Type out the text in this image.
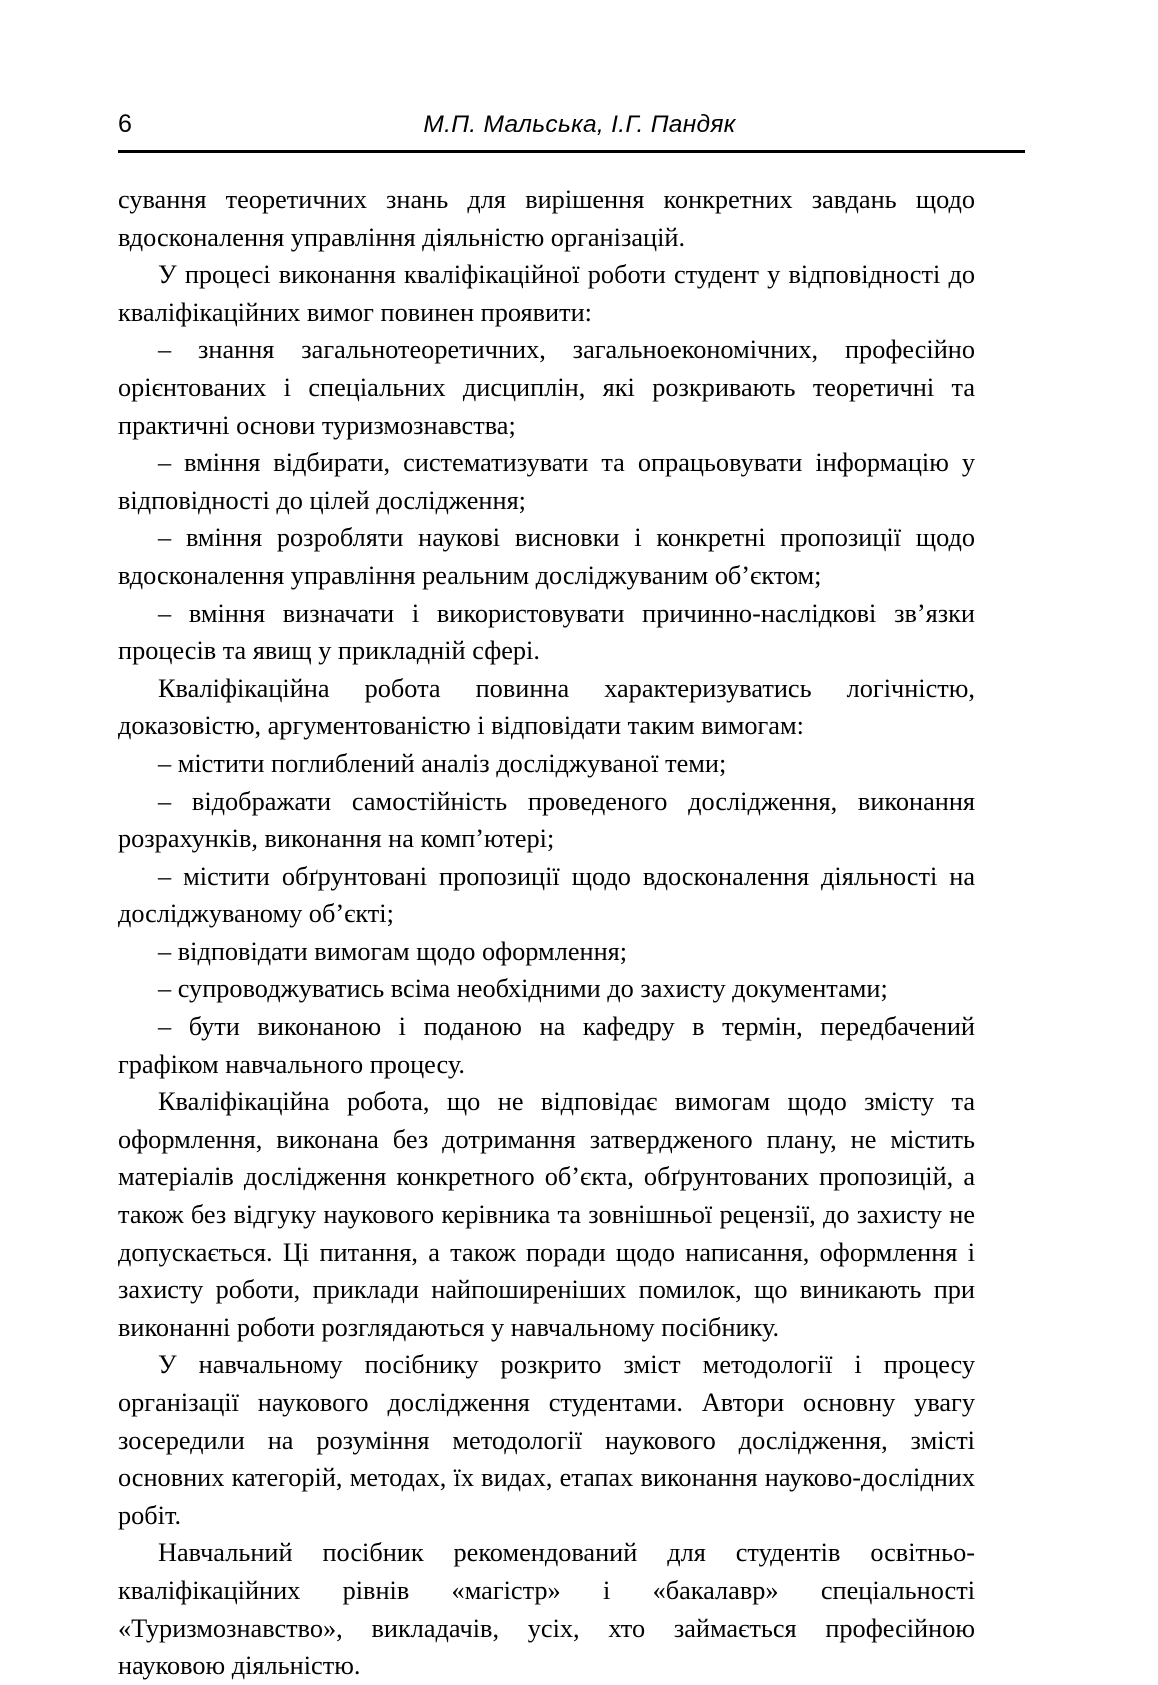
6	М.П. Мальська, І.Г. Пандяк

сування теоретичних знань для вирішення конкретних завдань щодо вдосконалення управління діяльністю організацій.

У процесі виконання кваліфікаційної роботи студент у відповідності до кваліфікаційних вимог повинен проявити:

– знання загальнотеоретичних, загальноекономічних, професійно орієнтованих і спеціальних дисциплін, які розкривають теоретичні та практичні основи туризмознавства;

– вміння відбирати, систематизувати та опрацьовувати інформацію у відповідності до цілей дослідження;

– вміння розробляти наукові висновки і конкретні пропозиції щодо вдосконалення управління реальним досліджуваним об’єктом;

– вміння визначати і використовувати причинно-наслідкові зв’язки процесів та явищ у прикладній сфері.

Кваліфікаційна робота повинна характеризуватись логічністю, доказовістю, аргументованістю і відповідати таким вимогам:

– містити поглиблений аналіз досліджуваної теми;

– відображати самостійність проведеного дослідження, виконання розрахунків, виконання на комп’ютері;

– містити обґрунтовані пропозиції щодо вдосконалення діяльності на досліджуваному об’єкті;

– відповідати вимогам щодо оформлення;

– супроводжуватись всіма необхідними до захисту документами;

– бути виконаною і поданою на кафедру в термін, передбачений графіком навчального процесу.

Кваліфікаційна робота, що не відповідає вимогам щодо змісту та оформлення, виконана без дотримання затвердженого плану, не містить матеріалів дослідження конкретного об’єкта, обґрунтованих пропозицій, а також без відгуку наукового керівника та зовнішньої рецензії, до захисту не допускається. Ці питання, а також поради щодо написання, оформлення і захисту роботи, приклади найпоширеніших помилок, що виникають при виконанні роботи розглядаються у навчальному посібнику.

У навчальному посібнику розкрито зміст методології і процесу організації наукового дослідження студентами. Автори основну увагу зосередили на розуміння методології наукового дослідження, змісті основних категорій, методах, їх видах, етапах виконання науково-дослідних робіт.

Навчальний посібник рекомендований для студентів освітньо-кваліфікаційних рівнів «магістр» і «бакалавр» спеціальності «Туризмознавство», викладачів, усіх, хто займається професійною науковою діяльністю.
